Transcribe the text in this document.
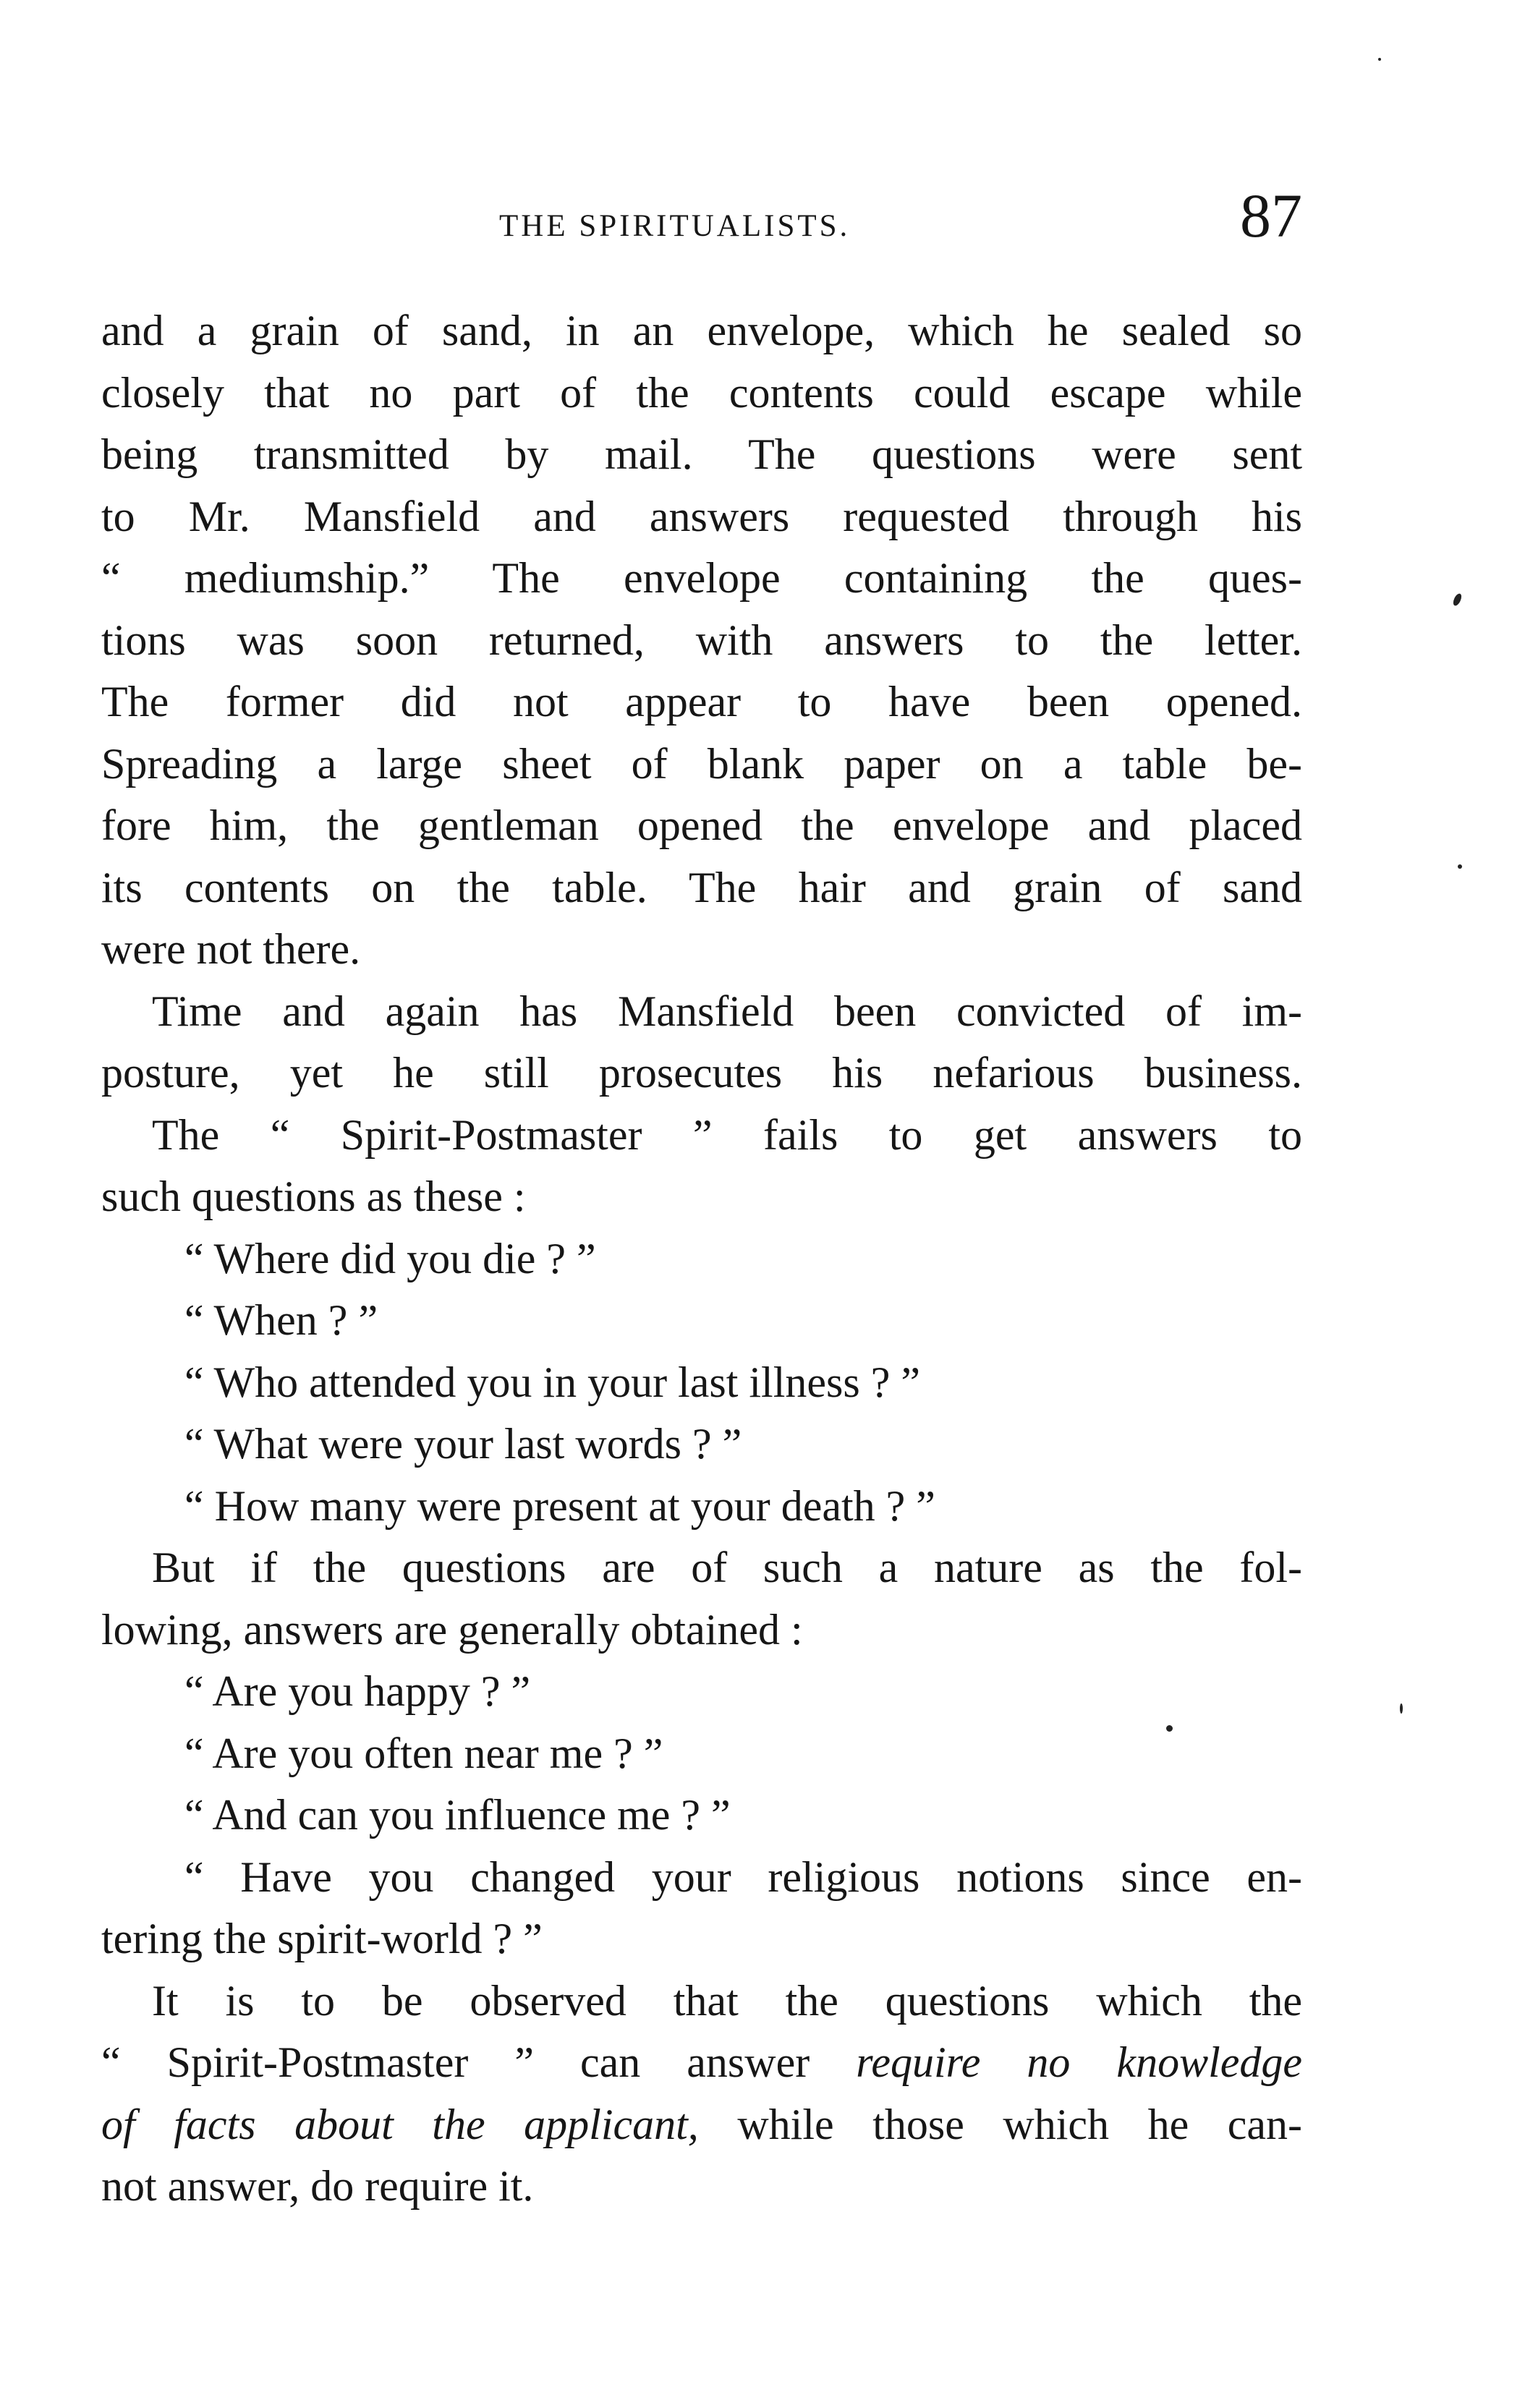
THE SPIRITUALISTS.	87
and a grain of sand, in an envelope, which he sealed so
closely that no part of the contents could escape while
being transmitted by mail. The questions were sent
to Mr. Mansfield and answers requested through his
“ mediumship.” The envelope containing the ques-
tions was soon returned, with answers to the letter.
The former did not appear to have been opened.
Spreading a large sheet of blank paper on a table be-
fore him, the gentleman opened the envelope and placed
its contents on the table. The hair and grain of sand
were not there.
Time and again has Mansfield been convicted of im-
posture, yet he still prosecutes his nefarious business.
The “ Spirit-Postmaster ” fails to get answers to
such questions as these :
“ Where did you die ? ”
“ When ? ”
“ Who attended you in your last illness ? ”
“ What were your last words ? ”
“ How many were present at your death ? ”
But if the questions are of such a nature as the fol-
lowing, answers are generally obtained :
“ Are you happy ? ”
“ Are you often near me ? ”
“ And can you influence me ? ”
“ Have you changed your religious notions since en-
tering the spirit-world ? ”
It is to be observed that the questions which the
“ Spirit-Postmaster ” can answer require no knowledge
of facts about the applicant, while those which he can-
not answer, do require it.
